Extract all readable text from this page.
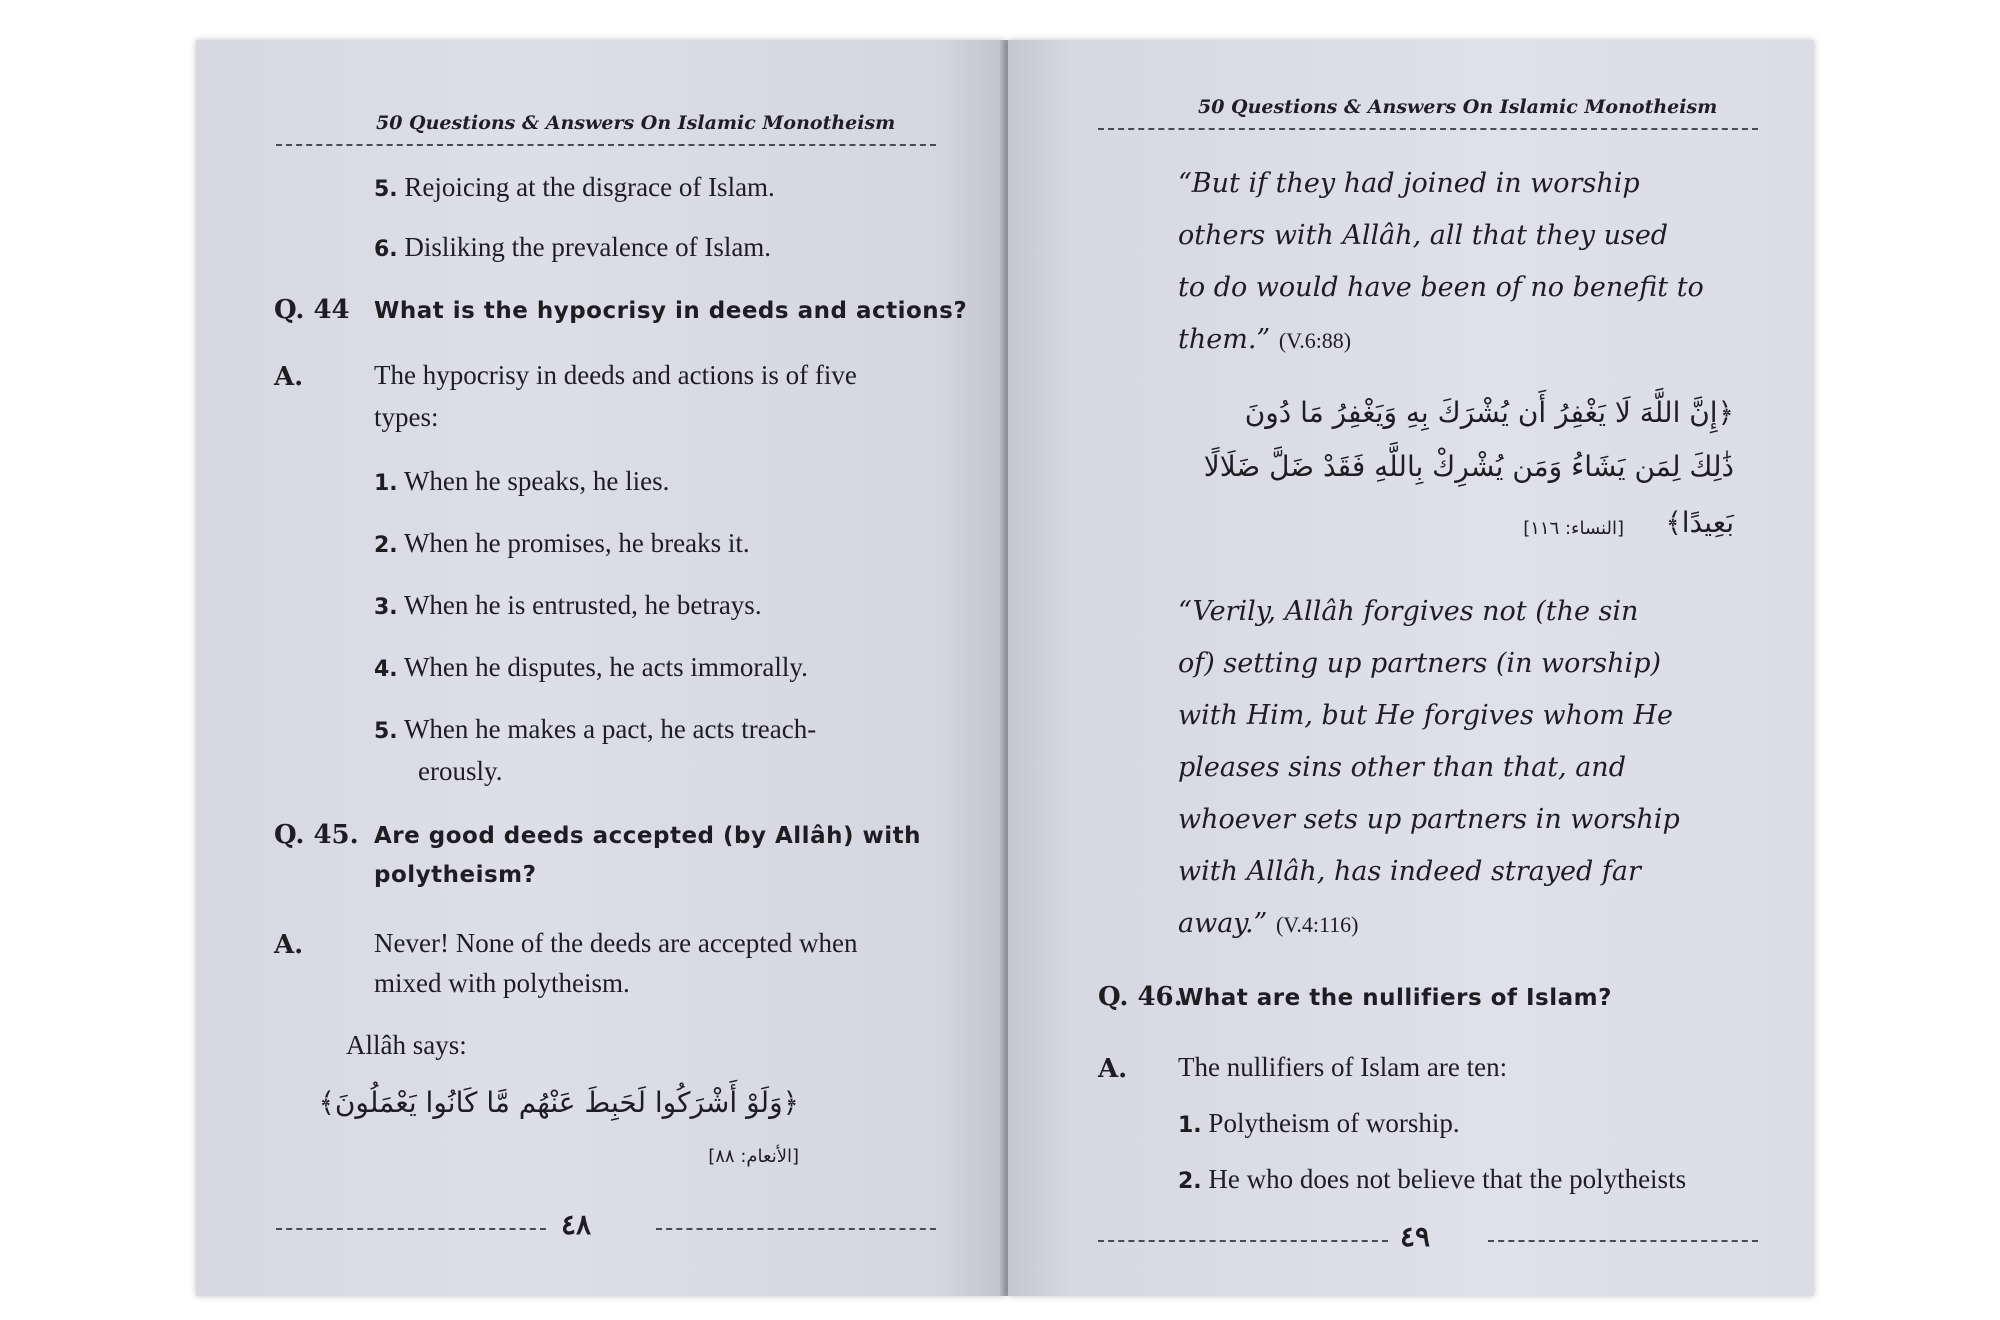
50 Questions & Answers On Islamic Monotheism
5. Rejoicing at the disgrace of Islam.
6. Disliking the prevalence of Islam.
Q. 44 What is the hypocrisy in deeds and actions?
A.	The hypocrisy in deeds and actions is of five
types:
1. When he speaks, he lies.
2. When he promises, he breaks it.
3. When he is entrusted, he betrays.
4. When he disputes, he acts immorally.
5. When he makes a pact, he acts treach-
erously.
Q. 45. Are good deeds accepted (by Allâh) with
polytheism?
A.	Never! None of the deeds are accepted when
mixed with polytheism.
Allâh says:
﴿وَلَوْ أَشْرَكُوا لَحَبِطَ عَنْهُم مَّا كَانُوا يَعْمَلُونَ﴾
[الأنعام: ٨٨]
٤٨
50 Questions & Answers On Islamic Monotheism
“But if they had joined in worship
others with Allâh, all that they used
to do would have been of no benefit to
them.” (V.6:88)
﴿إِنَّ اللَّهَ لَا يَغْفِرُ أَن يُشْرَكَ بِهِ وَيَغْفِرُ مَا دُونَ
ذَٰلِكَ لِمَن يَشَاءُ وَمَن يُشْرِكْ بِاللَّهِ فَقَدْ ضَلَّ ضَلَالًا
بَعِيدًا﴾
[النساء: ١١٦]
“Verily, Allâh forgives not (the sin
of) setting up partners (in worship)
with Him, but He forgives whom He
pleases sins other than that, and
whoever sets up partners in worship
with Allâh, has indeed strayed far
away.” (V.4:116)
Q. 46.
What are the nullifiers of Islam?
A. The nullifiers of Islam are ten:
1. Polytheism of worship.
2. He who does not believe that the polytheists
٤٩
